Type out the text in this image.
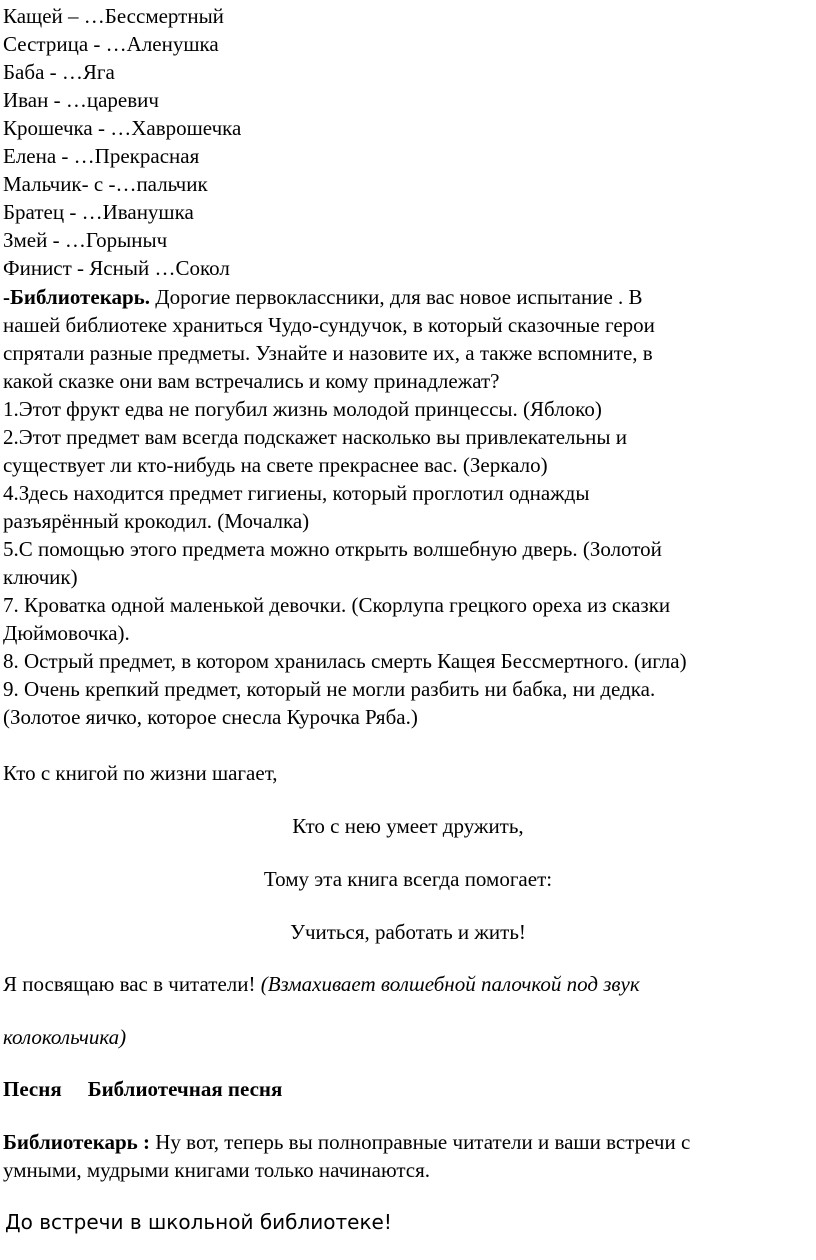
Кащей – …Бессмертный

Сестрица - …Аленушка

Баба - …Яга

Иван - …царевич

Крошечка - …Хаврошечка

Елена - …Прекрасная

Мальчик- с -…пальчик

Братец - …Иванушка

Змей - …Горыныч

Финист - Ясный …Сокол

-Библиотекарь. Дорогие первоклассники, для вас новое испытание . В

нашей библиотеке храниться Чудо-сундучок, в который сказочные герои

спрятали разные предметы. Узнайте и назовите их, а также вспомните, в

какой сказке они вам встречались и кому принадлежат?

1.Этот фрукт едва не погубил жизнь молодой принцессы. (Яблоко)

2.Этот предмет вам всегда подскажет насколько вы привлекательны и

существует ли кто-нибудь на свете прекраснее вас. (Зеркало)

4.Здесь находится предмет гигиены, который проглотил однажды

разъярённый крокодил. (Мочалка)

5.С помощью этого предмета можно открыть волшебную дверь. (Золотой

ключик)

7. Кроватка одной маленькой девочки. (Скорлупа грецкого ореха из сказки

Дюймовочка).

8. Острый предмет, в котором хранилась смерть Кащея Бессмертного. (игла)

9. Очень крепкий предмет, который не могли разбить ни бабка, ни дедка.

(Золотое яичко, которое снесла Курочка Ряба.)

Кто с книгой по жизни шагает,

Кто с нею умеет дружить,

Тому эта книга всегда помогает:

Учиться, работать и жить!

Я посвящаю вас в читатели! (Взмахивает волшебной палочкой под звук

колокольчика)

Песня Библиотечная песня

Библиотекарь : Ну вот, теперь вы полноправные читатели и ваши встречи с

умными, мудрыми книгами только начинаются.

До встречи в школьной библиотеке!
